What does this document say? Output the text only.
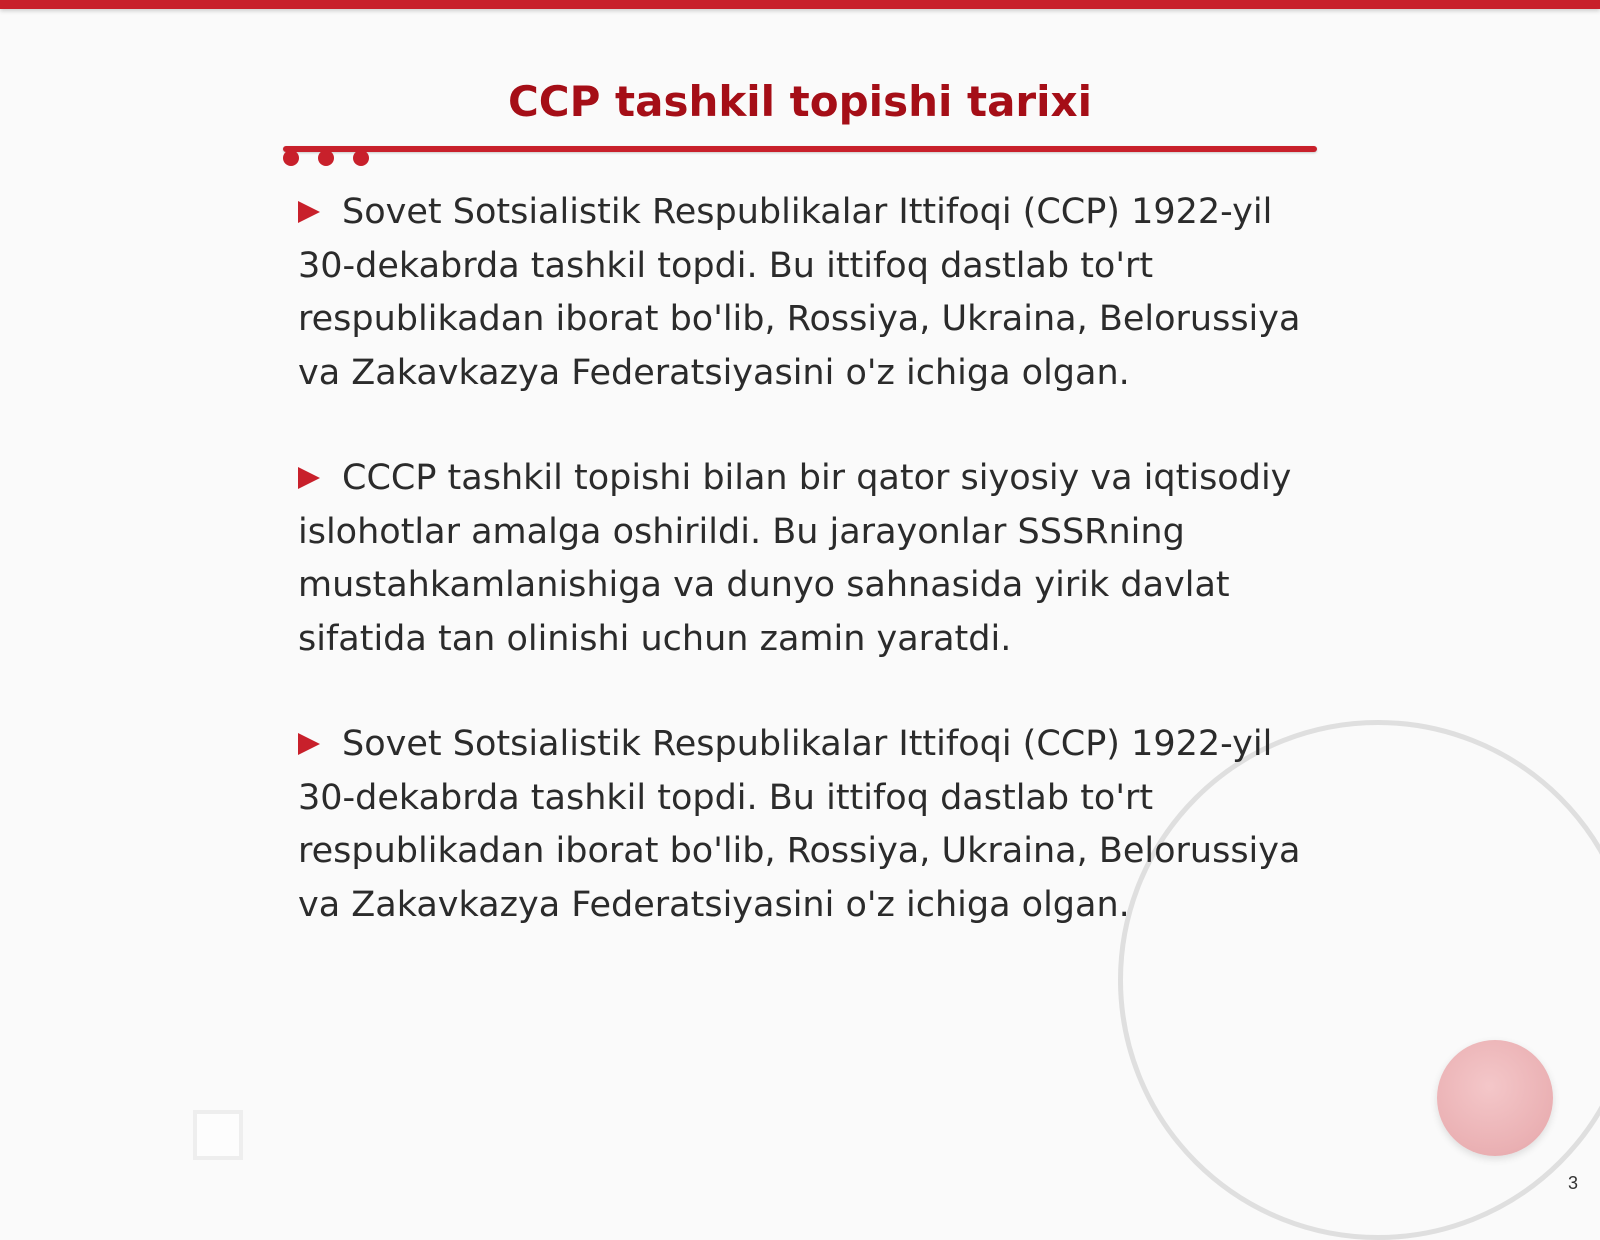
CCP tashkil topishi tarixi

Sovet Sotsialistik Respublikalar Ittifoqi (CCP) 1922-yil 30-dekabrda tashkil topdi. Bu ittifoq dastlab to'rt respublikadan iborat bo'lib, Rossiya, Ukraina, Belorussiya va Zakavkazya Federatsiyasini o'z ichiga olgan.

CCCP tashkil topishi bilan bir qator siyosiy va iqtisodiy islohotlar amalga oshirildi. Bu jarayonlar SSSRning mustahkamlanishiga va dunyo sahnasida yirik davlat sifatida tan olinishi uchun zamin yaratdi.

Sovet Sotsialistik Respublikalar Ittifoqi (CCP) 1922-yil 30-dekabrda tashkil topdi. Bu ittifoq dastlab to'rt respublikadan iborat bo'lib, Rossiya, Ukraina, Belorussiya va Zakavkazya Federatsiyasini o'z ichiga olgan.

3
